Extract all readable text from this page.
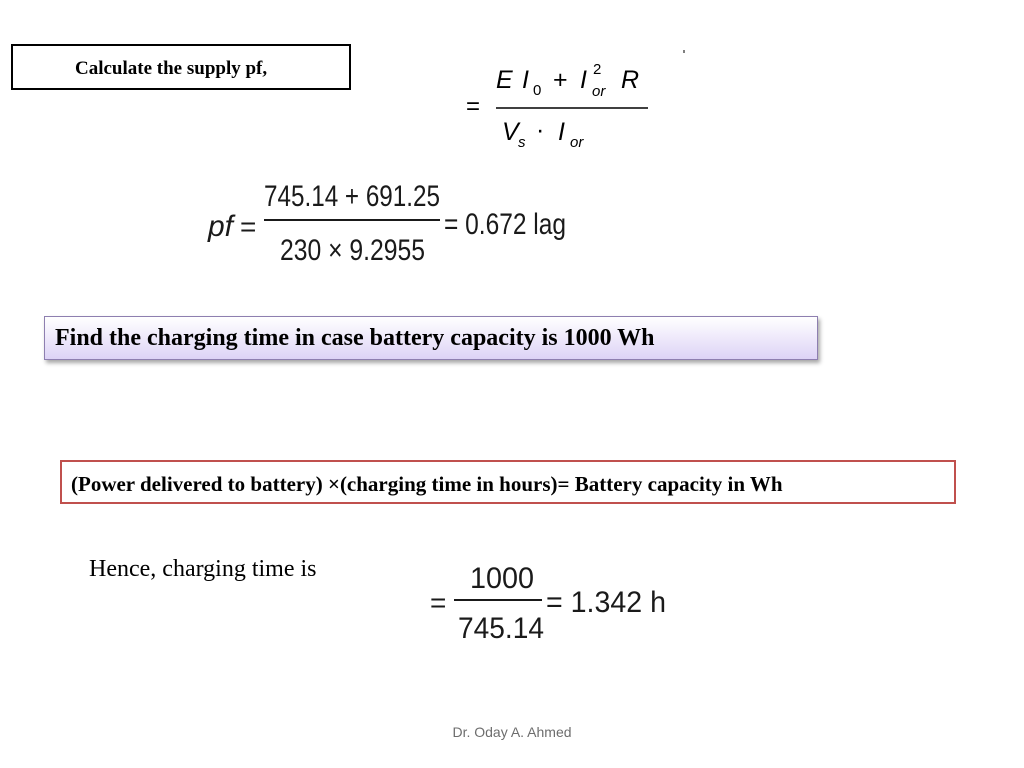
Calculate the supply pf,
=
E I 0 + I 2
or R
V s · I or
pf =
745.14 + 691.25
230 × 9.2955
= 0.672 lag
Find the charging time in case battery capacity is 1000 Wh
(Power delivered to battery) ×(charging time in hours)= Battery capacity in Wh
Hence, charging time is
=
1000
745.14
= 1.342 h
Dr. Oday A. Ahmed
